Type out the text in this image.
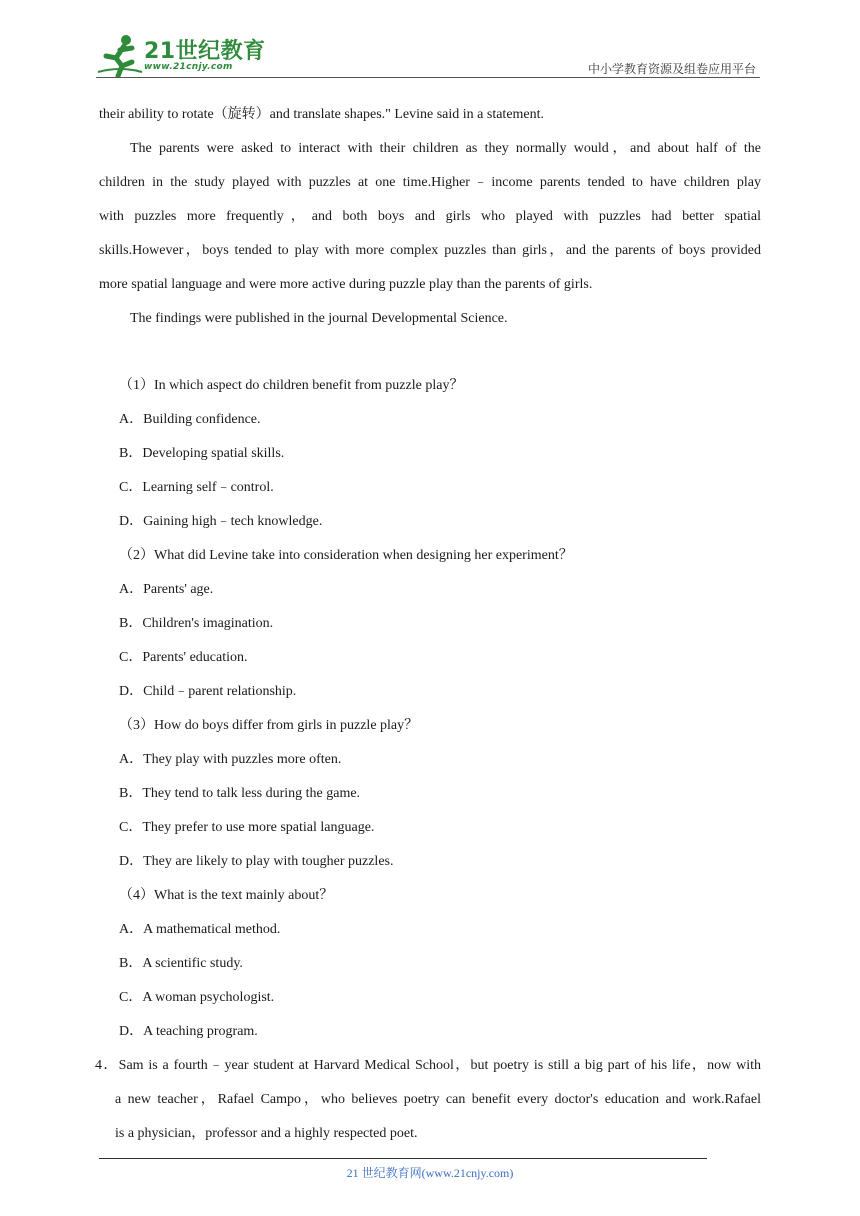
21世纪教育
www.21cnjy.com	中小学教育资源及组卷应用平台
their ability to rotate（旋转）and translate shapes." Levine said in a statement.
The parents were asked to interact with their children as they normally would，and about half of the
children in the study played with puzzles at one time.Higher﹣income parents tended to have children play
with puzzles more frequently，and both boys and girls who played with puzzles had better spatial
skills.However，boys tended to play with more complex puzzles than girls，and the parents of boys provided
more spatial language and were more active during puzzle play than the parents of girls.
The findings were published in the journal Developmental Science.
（1）In which aspect do children benefit from puzzle play？
A．Building confidence.
B．Developing spatial skills.
C．Learning self﹣control.
D．Gaining high﹣tech knowledge.
（2）What did Levine take into consideration when designing her experiment？
A．Parents' age.
B．Children's imagination.
C．Parents' education.
D．Child﹣parent relationship.
（3）How do boys differ from girls in puzzle play？
A．They play with puzzles more often.
B．They tend to talk less during the game.
C．They prefer to use more spatial language.
D．They are likely to play with tougher puzzles.
（4）What is the text mainly about？
A．A mathematical method.
B．A scientific study.
C．A woman psychologist.
D．A teaching program.
4．Sam is a fourth﹣year student at Harvard Medical School，but poetry is still a big part of his life，now with
a new teacher，Rafael Campo，who believes poetry can benefit every doctor's education and work.Rafael
is a physician，professor and a highly respected poet.
21 世纪教育网(www.21cnjy.com)
